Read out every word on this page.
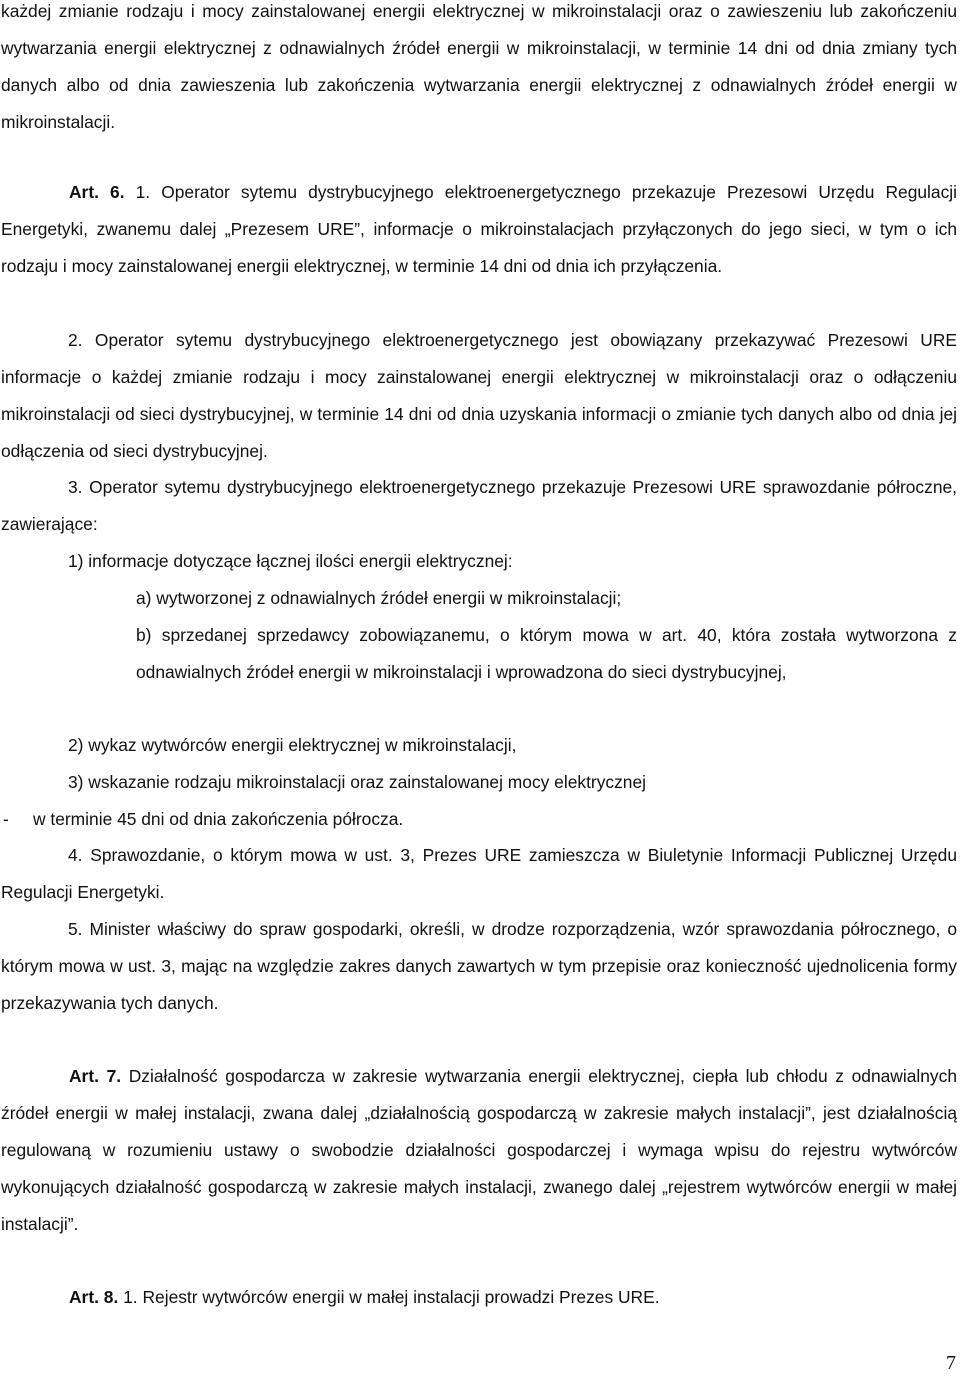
każdej zmianie rodzaju i mocy zainstalowanej energii elektrycznej w mikroinstalacji oraz o zawieszeniu lub zakończeniu wytwarzania energii elektrycznej z odnawialnych źródeł energii w mikroinstalacji, w terminie 14 dni od dnia zmiany tych danych albo od dnia zawieszenia lub zakończenia wytwarzania energii elektrycznej z odnawialnych źródeł energii w mikroinstalacji.

Art. 6. 1. Operator sytemu dystrybucyjnego elektroenergetycznego przekazuje Prezesowi Urzędu Regulacji Energetyki, zwanemu dalej „Prezesem URE”, informacje o mikroinstalacjach przyłączonych do jego sieci, w tym o ich rodzaju i mocy zainstalowanej energii elektrycznej, w terminie 14 dni od dnia ich przyłączenia.

2. Operator sytemu dystrybucyjnego elektroenergetycznego jest obowiązany przekazywać Prezesowi URE informacje o każdej zmianie rodzaju i mocy zainstalowanej energii elektrycznej w mikroinstalacji oraz o odłączeniu mikroinstalacji od sieci dystrybucyjnej, w terminie 14 dni od dnia uzyskania informacji o zmianie tych danych albo od dnia jej odłączenia od sieci dystrybucyjnej.

3. Operator sytemu dystrybucyjnego elektroenergetycznego przekazuje Prezesowi URE sprawozdanie półroczne, zawierające:

1) informacje dotyczące łącznej ilości energii elektrycznej:

a) wytworzonej z odnawialnych źródeł energii w mikroinstalacji;

b) sprzedanej sprzedawcy zobowiązanemu, o którym mowa w art. 40, która została wytworzona z odnawialnych źródeł energii w mikroinstalacji i wprowadzona do sieci dystrybucyjnej,

2) wykaz wytwórców energii elektrycznej w mikroinstalacji,

3) wskazanie rodzaju mikroinstalacji oraz zainstalowanej mocy elektrycznej

- w terminie 45 dni od dnia zakończenia półrocza.

4. Sprawozdanie, o którym mowa w ust. 3, Prezes URE zamieszcza w Biuletynie Informacji Publicznej Urzędu Regulacji Energetyki.

5. Minister właściwy do spraw gospodarki, określi, w drodze rozporządzenia, wzór sprawozdania półrocznego, o którym mowa w ust. 3, mając na względzie zakres danych zawartych w tym przepisie oraz konieczność ujednolicenia formy przekazywania tych danych.

Art. 7. Działalność gospodarcza w zakresie wytwarzania energii elektrycznej, ciepła lub chłodu z odnawialnych źródeł energii w małej instalacji, zwana dalej „działalnością gospodarczą w zakresie małych instalacji”, jest działalnością regulowaną w rozumieniu ustawy o swobodzie działalności gospodarczej i wymaga wpisu do rejestru wytwórców wykonujących działalność gospodarczą w zakresie małych instalacji, zwanego dalej „rejestrem wytwórców energii w małej instalacji”.

Art. 8. 1. Rejestr wytwórców energii w małej instalacji prowadzi Prezes URE.

7
